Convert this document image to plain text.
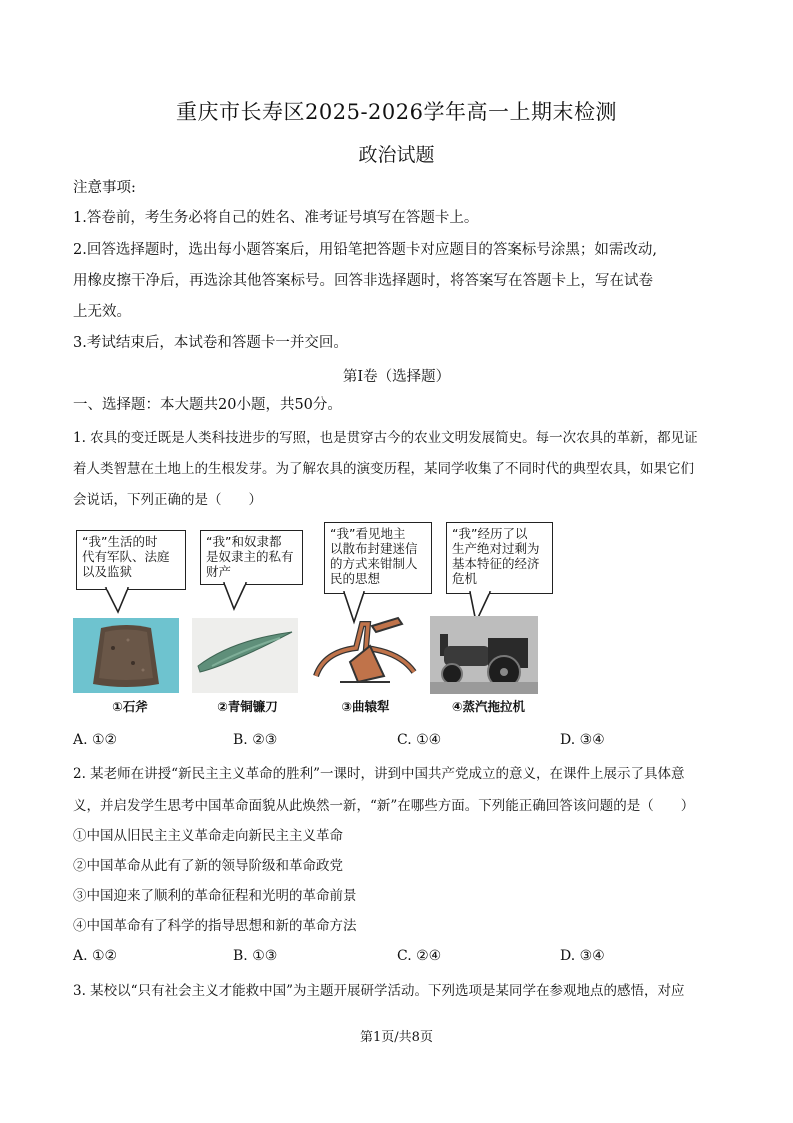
重庆市长寿区2025-2026学年高一上期末检测
政治试题
注意事项:
1.答卷前，考生务必将自己的姓名、准考证号填写在答题卡上。
2.回答选择题时，选出每小题答案后，用铅笔把答题卡对应题目的答案标号涂黑；如需改动,
用橡皮擦干净后，再选涂其他答案标号。回答非选择题时，将答案写在答题卡上，写在试卷
上无效。
3.考试结束后，本试卷和答题卡一并交回。
第Ⅰ卷（选择题）
一、选择题：本大题共20小题，共50分。
1. 农具的变迁既是人类科技进步的写照，也是贯穿古今的农业文明发展简史。每一次农具的革新，都见证
着人类智慧在土地上的生根发芽。为了解农具的演变历程，某同学收集了不同时代的典型农具，如果它们
会说话，下列正确的是（　　）
“我”生活的时
代有军队、法庭
以及监狱
“我”和奴隶都
是奴隶主的私有
财产
“我”看见地主
以散布封建迷信
的方式来钳制人
民的思想
“我”经历了以
生产绝对过剩为
基本特征的经济
危机
①石斧	②青铜镰刀	③曲辕犁	④蒸汽拖拉机
A. ①②	B. ②③	C. ①④	D. ③④
2. 某老师在讲授“新民主主义革命的胜利”一课时，讲到中国共产党成立的意义，在课件上展示了具体意
义，并启发学生思考中国革命面貌从此焕然一新，“新”在哪些方面。下列能正确回答该问题的是（　　）
①中国从旧民主主义革命走向新民主主义革命
②中国革命从此有了新的领导阶级和革命政党
③中国迎来了顺利的革命征程和光明的革命前景
④中国革命有了科学的指导思想和新的革命方法
A. ①②	B. ①③	C. ②④	D. ③④
3. 某校以“只有社会主义才能救中国”为主题开展研学活动。下列选项是某同学在参观地点的感悟，对应
第1页/共8页
